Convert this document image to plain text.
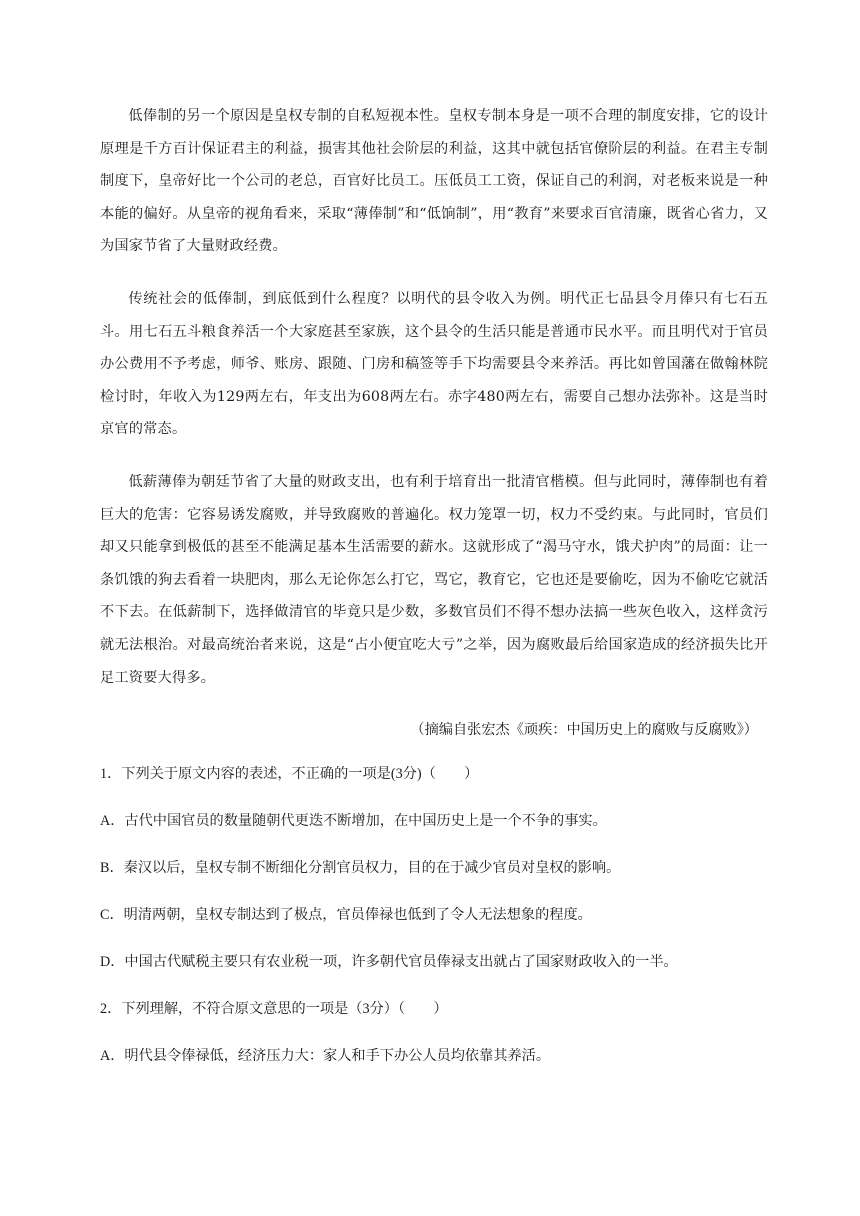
低俸制的另一个原因是皇权专制的自私短视本性。皇权专制本身是一项不合理的制度安排，它的设计原理是千方百计保证君主的利益，损害其他社会阶层的利益，这其中就包括官僚阶层的利益。在君主专制制度下，皇帝好比一个公司的老总，百官好比员工。压低员工工资，保证自己的利润，对老板来说是一种本能的偏好。从皇帝的视角看来，采取“薄俸制”和“低饷制”，用“教育”来要求百官清廉，既省心省力，又为国家节省了大量财政经费。

传统社会的低俸制，到底低到什么程度？以明代的县令收入为例。明代正七品县令月俸只有七石五斗。用七石五斗粮食养活一个大家庭甚至家族，这个县令的生活只能是普通市民水平。而且明代对于官员办公费用不予考虑，师爷、账房、跟随、门房和稿签等手下均需要县令来养活。再比如曾国藩在做翰林院检讨时，年收入为129两左右，年支出为608两左右。赤字480两左右，需要自己想办法弥补。这是当时京官的常态。

低薪薄俸为朝廷节省了大量的财政支出，也有利于培育出一批清官楷模。但与此同时，薄俸制也有着巨大的危害：它容易诱发腐败，并导致腐败的普遍化。权力笼罩一切，权力不受约束。与此同时，官员们却又只能拿到极低的甚至不能满足基本生活需要的薪水。这就形成了“渴马守水，饿犬护肉”的局面：让一条饥饿的狗去看着一块肥肉，那么无论你怎么打它，骂它，教育它，它也还是要偷吃，因为不偷吃它就活不下去。在低薪制下，选择做清官的毕竟只是少数，多数官员们不得不想办法搞一些灰色收入，这样贪污就无法根治。对最高统治者来说，这是“占小便宜吃大亏”之举，因为腐败最后给国家造成的经济损失比开足工资要大得多。

（摘编自张宏杰《顽疾：中国历史上的腐败与反腐败》）

1．下列关于原文内容的表述，不正确的一项是(3分)（　　）

A．古代中国官员的数量随朝代更迭不断增加，在中国历史上是一个不争的事实。

B．秦汉以后，皇权专制不断细化分割官员权力，目的在于减少官员对皇权的影响。

C．明清两朝，皇权专制达到了极点，官员俸禄也低到了令人无法想象的程度。

D．中国古代赋税主要只有农业税一项，许多朝代官员俸禄支出就占了国家财政收入的一半。

2．下列理解，不符合原文意思的一项是（3分）（　　）

A．明代县令俸禄低，经济压力大：家人和手下办公人员均依靠其养活。
